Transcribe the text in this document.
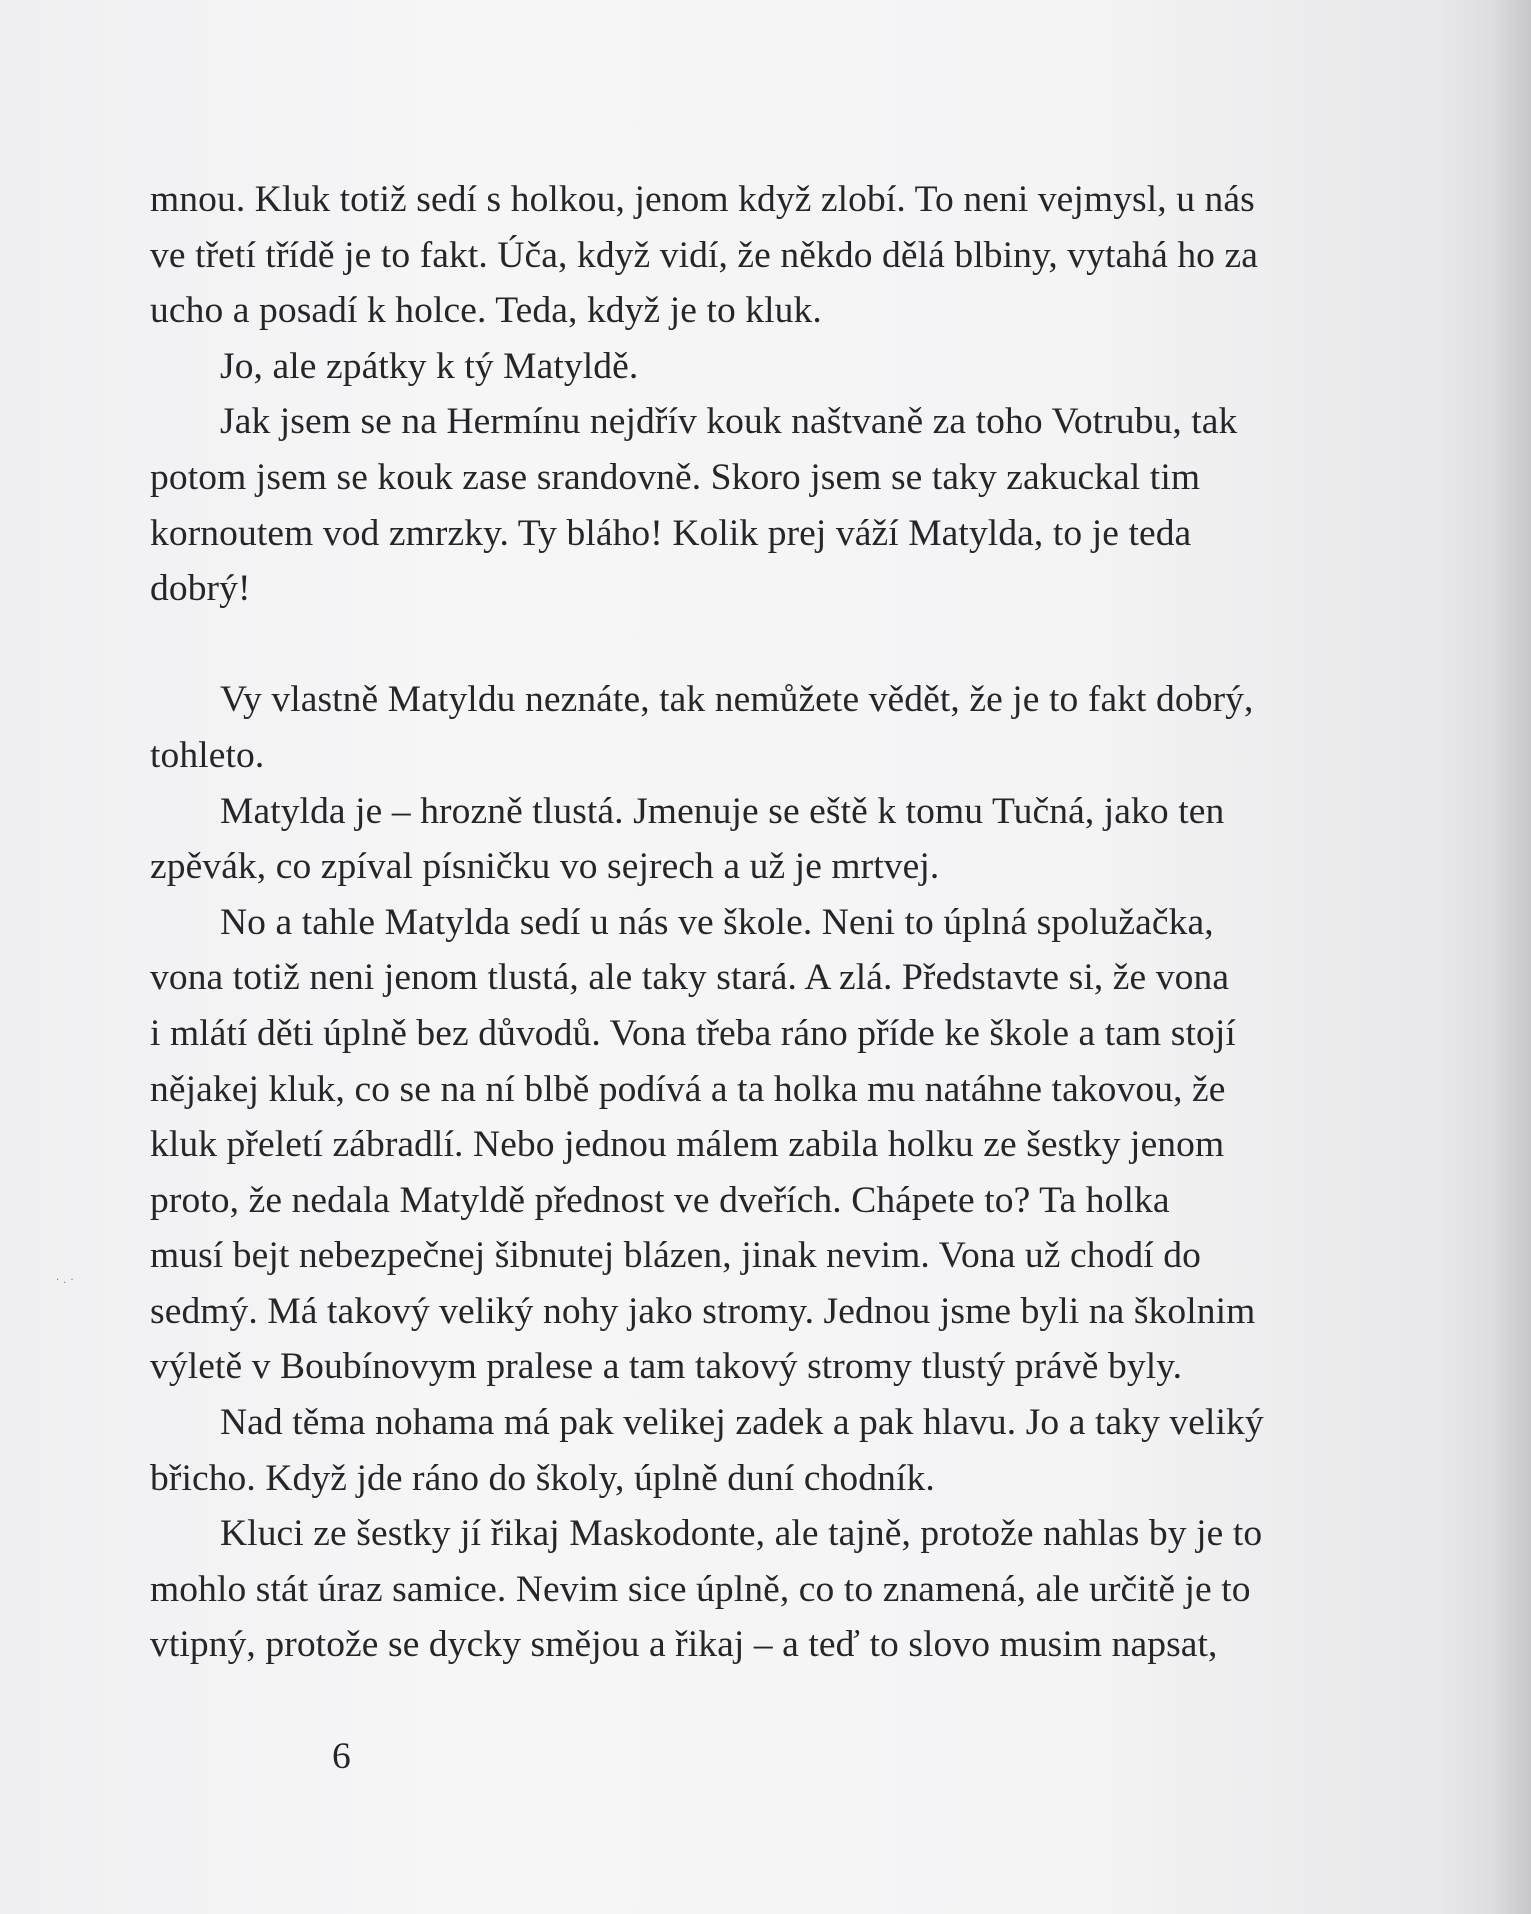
·.·
mnou. Kluk totiž sedí s holkou, jenom když zlobí. To neni vejmysl, u nás
ve třetí třídě je to fakt. Úča, když vidí, že někdo dělá blbiny, vytahá ho za
ucho a posadí k holce. Teda, když je to kluk.
Jo, ale zpátky k tý Matyldě.
Jak jsem se na Hermínu nejdřív kouk naštvaně za toho Votrubu, tak
potom jsem se kouk zase srandovně. Skoro jsem se taky zakuckal tim
kornoutem vod zmrzky. Ty bláho! Kolik prej váží Matylda, to je teda
dobrý!
Vy vlastně Matyldu neznáte, tak nemůžete vědět, že je to fakt dobrý,
tohleto.
Matylda je – hrozně tlustá. Jmenuje se eště k tomu Tučná, jako ten
zpěvák, co zpíval písničku vo sejrech a už je mrtvej.
No a tahle Matylda sedí u nás ve škole. Neni to úplná spolužačka,
vona totiž neni jenom tlustá, ale taky stará. A zlá. Představte si, že vona
i mlátí děti úplně bez důvodů. Vona třeba ráno příde ke škole a tam stojí
nějakej kluk, co se na ní blbě podívá a ta holka mu natáhne takovou, že
kluk přeletí zábradlí. Nebo jednou málem zabila holku ze šestky jenom
proto, že nedala Matyldě přednost ve dveřích. Chápete to? Ta holka
musí bejt nebezpečnej šibnutej blázen, jinak nevim. Vona už chodí do
sedmý. Má takový veliký nohy jako stromy. Jednou jsme byli na školnim
výletě v Boubínovym pralese a tam takový stromy tlustý právě byly.
Nad těma nohama má pak velikej zadek a pak hlavu. Jo a taky veliký
břicho. Když jde ráno do školy, úplně duní chodník.
Kluci ze šestky jí řikaj Maskodonte, ale tajně, protože nahlas by je to
mohlo stát úraz samice. Nevim sice úplně, co to znamená, ale určitě je to
vtipný, protože se dycky smějou a řikaj – a teď to slovo musim napsat,
6
